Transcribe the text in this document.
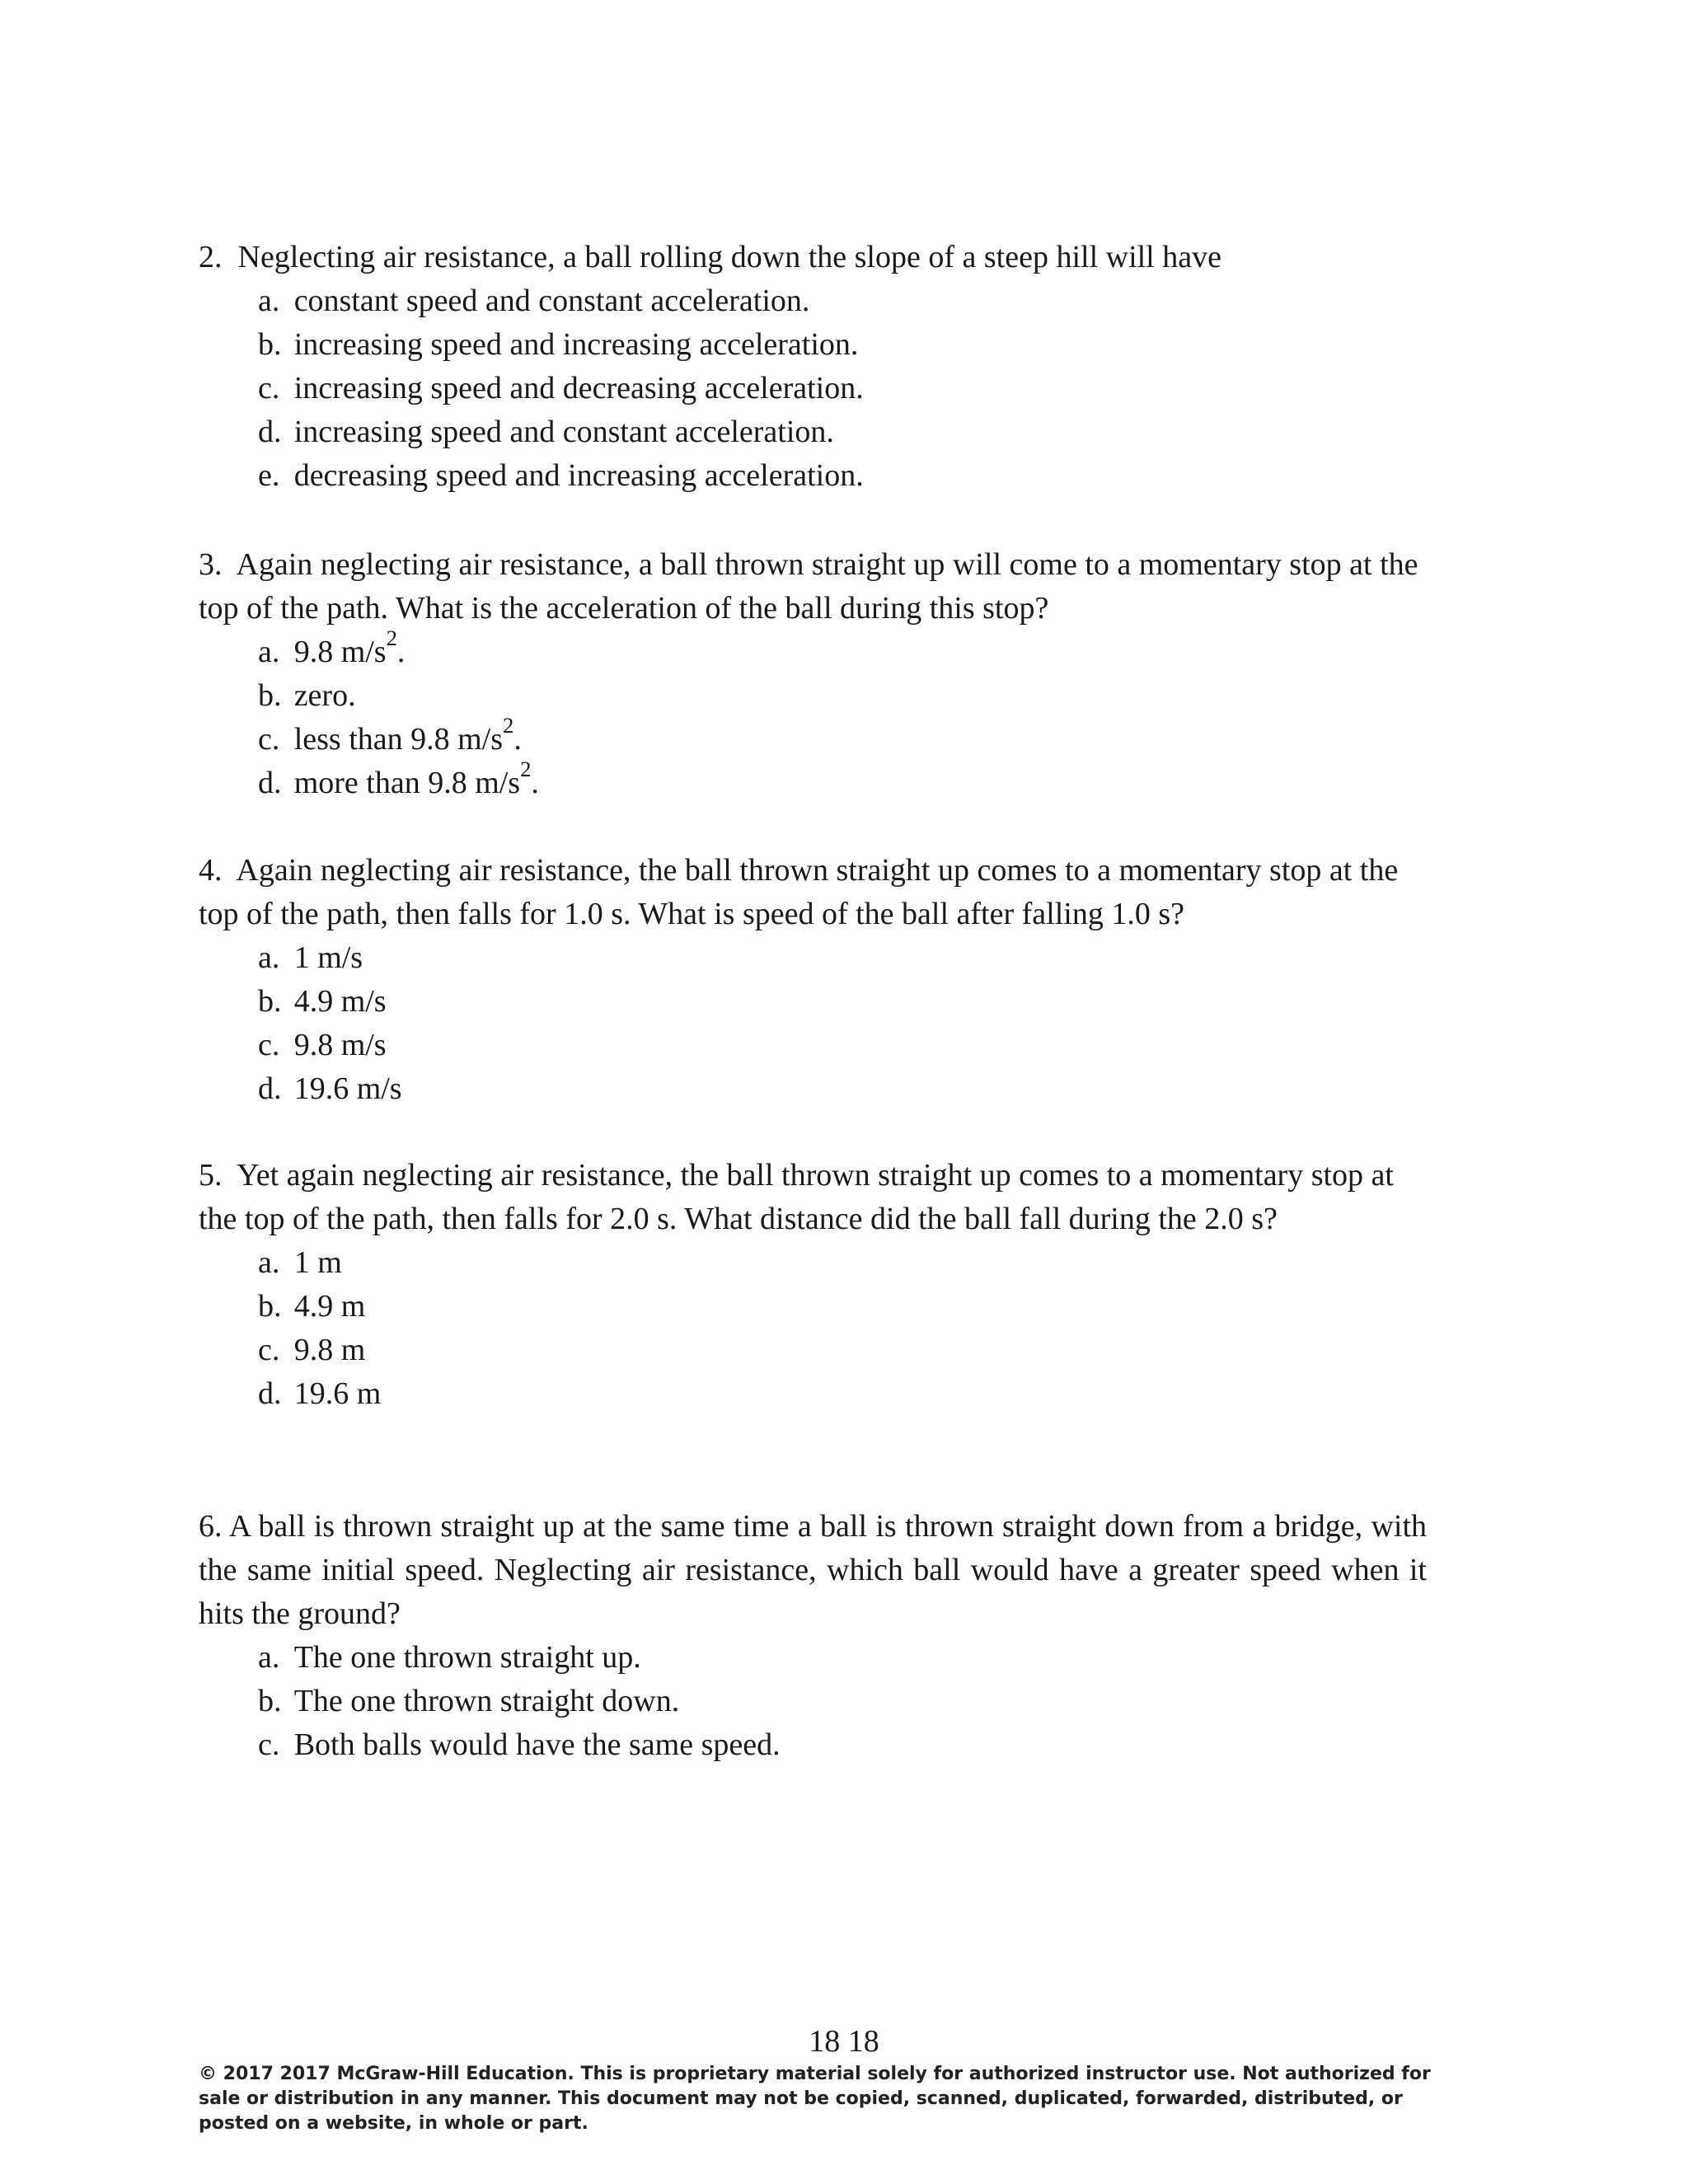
2. Neglecting air resistance, a ball rolling down the slope of a steep hill will have

a. constant speed and constant acceleration.
b. increasing speed and increasing acceleration.
c. increasing speed and decreasing acceleration.
d. increasing speed and constant acceleration.
e. decreasing speed and increasing acceleration.

3. Again neglecting air resistance, a ball thrown straight up will come to a momentary stop at the top of the path. What is the acceleration of the ball during this stop?

a. 9.8 $m/s^2$.
b. zero.
c. less than 9.8 $m/s^2$.
d. more than 9.8 $m/s^2$.

4. Again neglecting air resistance, the ball thrown straight up comes to a momentary stop at the top of the path, then falls for 1.0 s. What is speed of the ball after falling 1.0 s?

a. 1 m/s
b. 4.9 m/s
c. 9.8 m/s
d. 19.6 m/s

5. Yet again neglecting air resistance, the ball thrown straight up comes to a momentary stop at the top of the path, then falls for 2.0 s. What distance did the ball fall during the 2.0 s?

a. 1 m
b. 4.9 m
c. 9.8 m
d. 19.6 m

6. A ball is thrown straight up at the same time a ball is thrown straight down from a bridge, with the same initial speed. Neglecting air resistance, which ball would have a greater speed when it hits the ground?

a. The one thrown straight up.
b. The one thrown straight down.
c. Both balls would have the same speed.
18 18
© 2017 2017 McGraw-Hill Education. This is proprietary material solely for authorized instructor use. Not authorized for sale or distribution in any manner. This document may not be copied, scanned, duplicated, forwarded, distributed, or posted on a website, in whole or part.
